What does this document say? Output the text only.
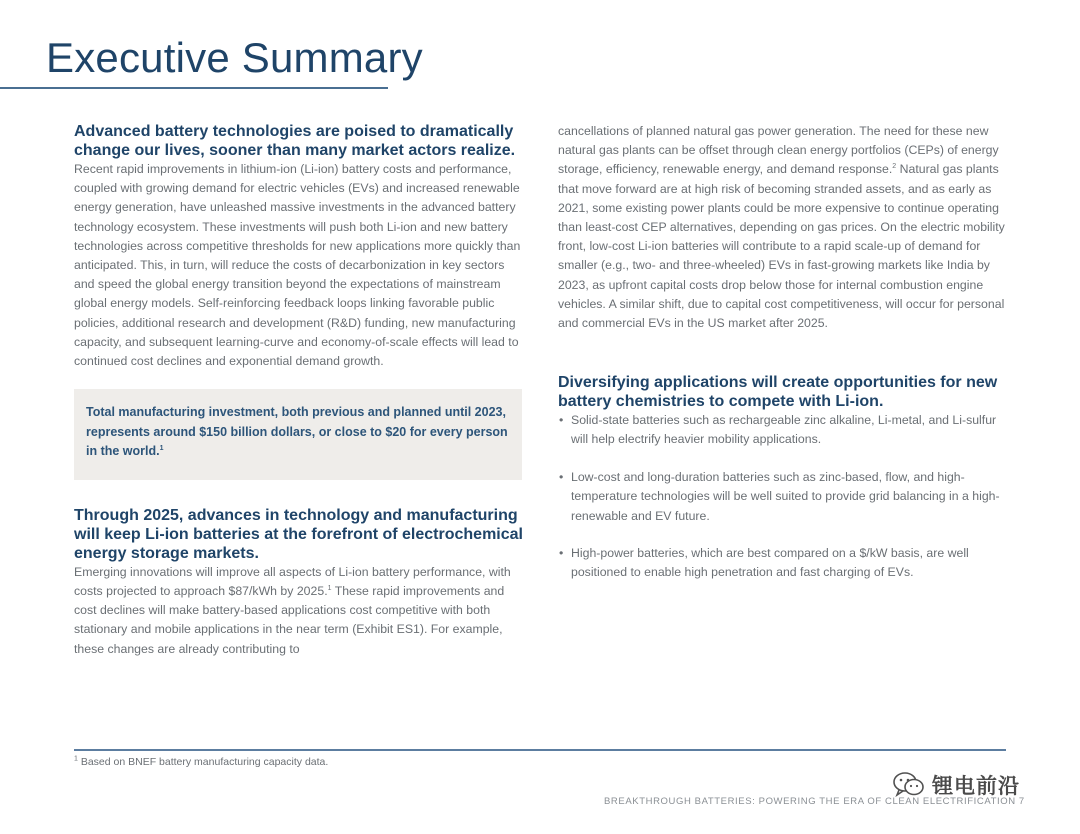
Executive Summary
Advanced battery technologies are poised to dramatically change our lives, sooner than many market actors realize.

Recent rapid improvements in lithium-ion (Li-ion) battery costs and performance, coupled with growing demand for electric vehicles (EVs) and increased renewable energy generation, have unleashed massive investments in the advanced battery technology ecosystem. These investments will push both Li-ion and new battery technologies across competitive thresholds for new applications more quickly than anticipated. This, in turn, will reduce the costs of decarbonization in key sectors and speed the global energy transition beyond the expectations of mainstream global energy models. Self-reinforcing feedback loops linking favorable public policies, additional research and development (R&D) funding, new manufacturing capacity, and subsequent learning-curve and economy-of-scale effects will lead to continued cost declines and exponential demand growth.

Total manufacturing investment, both previous and planned until 2023, represents around $150 billion dollars, or close to $20 for every person in the world.$^1$

Through 2025, advances in technology and manufacturing will keep Li-ion batteries at the forefront of electrochemical energy storage markets.

Emerging innovations will improve all aspects of Li-ion battery performance, with costs projected to approach $87/kWh by 2025.$^1$ These rapid improvements and cost declines will make battery-based applications cost competitive with both stationary and mobile applications in the near term (Exhibit ES1). For example, these changes are already contributing to

cancellations of planned natural gas power generation. The need for these new natural gas plants can be offset through clean energy portfolios (CEPs) of energy storage, efficiency, renewable energy, and demand response.$^2$ Natural gas plants that move forward are at high risk of becoming stranded assets, and as early as 2021, some existing power plants could be more expensive to continue operating than least-cost CEP alternatives, depending on gas prices. On the electric mobility front, low-cost Li-ion batteries will contribute to a rapid scale-up of demand for smaller (e.g., two- and three-wheeled) EVs in fast-growing markets like India by 2023, as upfront capital costs drop below those for internal combustion engine vehicles. A similar shift, due to capital cost competitiveness, will occur for personal and commercial EVs in the US market after 2025.

Diversifying applications will create opportunities for new battery chemistries to compete with Li-ion.
• Solid-state batteries such as rechargeable zinc alkaline, Li-metal, and Li-sulfur will help electrify heavier mobility applications.
• Low-cost and long-duration batteries such as zinc-based, flow, and high-temperature technologies will be well suited to provide grid balancing in a high-renewable and EV future.
• High-power batteries, which are best compared on a $/kW basis, are well positioned to enable high penetration and fast charging of EVs.
$^1$ Based on BNEF battery manufacturing capacity data.
BREAKTHROUGH BATTERIES: POWERING THE ERA OF CLEAN ELECTRIFICATION 7
锂电前沿
